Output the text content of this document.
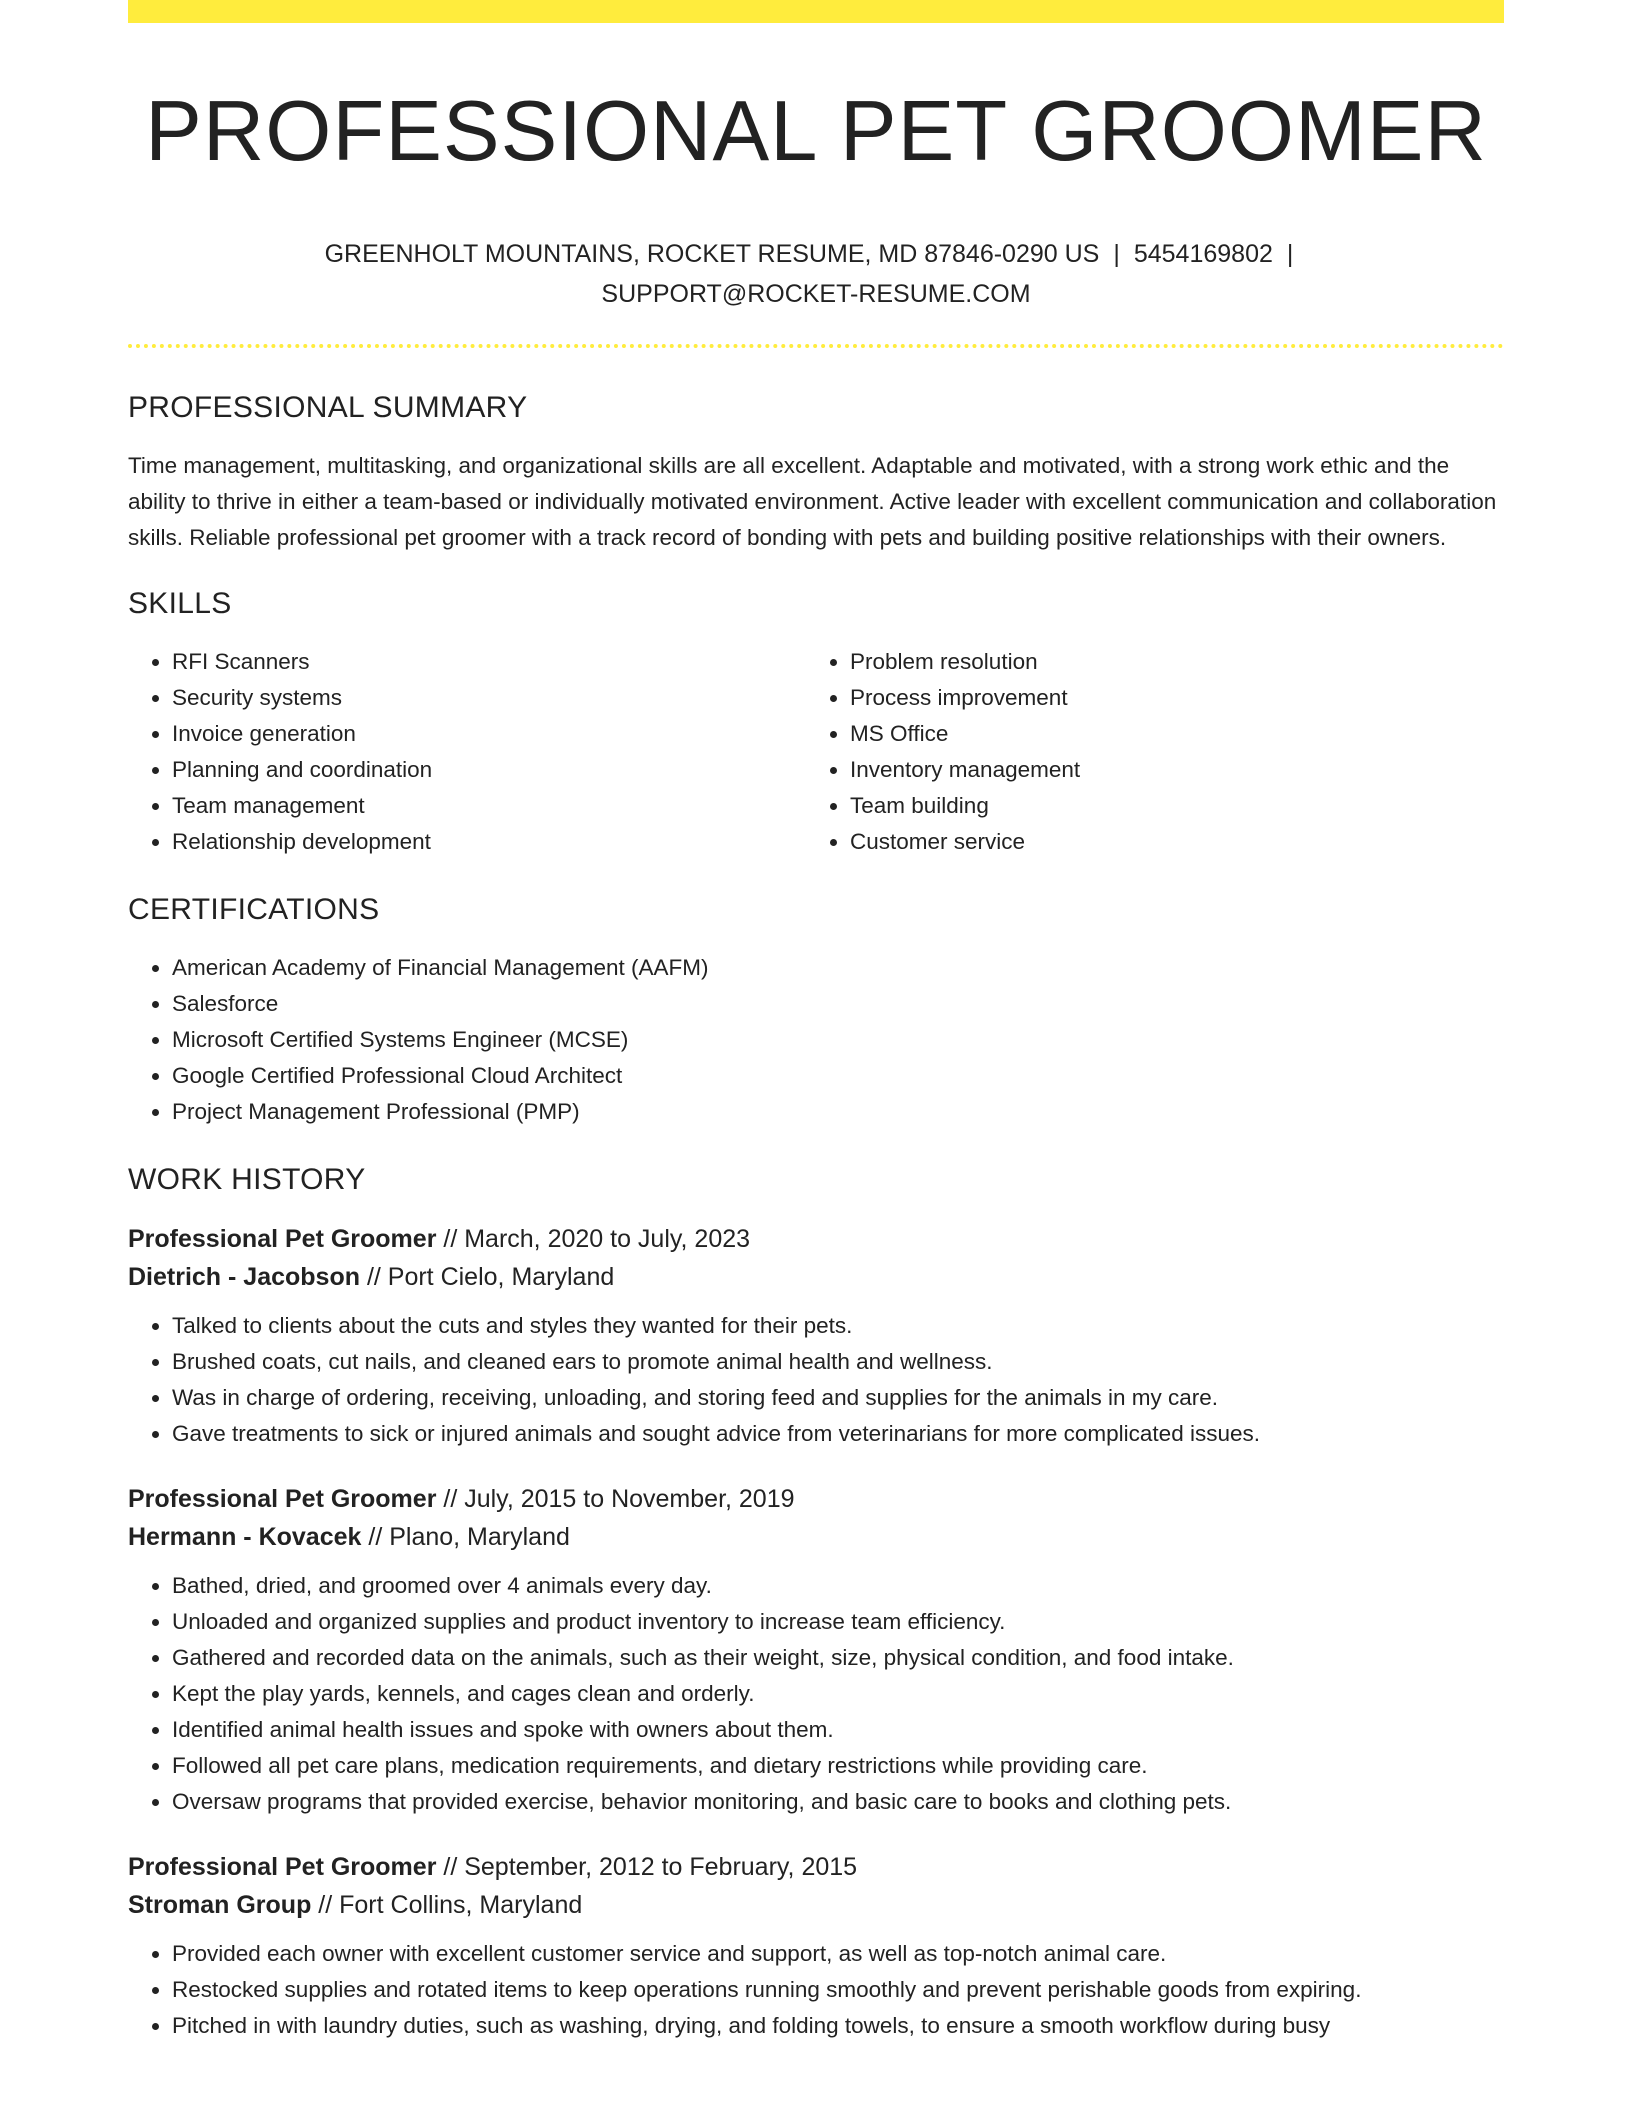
PROFESSIONAL PET GROOMER
GREENHOLT MOUNTAINS, ROCKET RESUME, MD 87846-0290 US | 5454169802 |
SUPPORT@ROCKET-RESUME.COM
PROFESSIONAL SUMMARY

Time management, multitasking, and organizational skills are all excellent. Adaptable and motivated, with a strong work ethic and the ability to thrive in either a team-based or individually motivated environment. Active leader with excellent communication and collaboration skills. Reliable professional pet groomer with a track record of bonding with pets and building positive relationships with their owners.

SKILLS
• RFI Scanners
• Security systems
• Invoice generation
• Planning and coordination
• Team management
• Relationship development
• Problem resolution
• Process improvement
• MS Office
• Inventory management
• Team building
• Customer service
CERTIFICATIONS
• American Academy of Financial Management (AAFM)
• Salesforce
• Microsoft Certified Systems Engineer (MCSE)
• Google Certified Professional Cloud Architect
• Project Management Professional (PMP)
WORK HISTORY
Professional Pet Groomer // March, 2020 to July, 2023
Dietrich - Jacobson // Port Cielo, Maryland
• Talked to clients about the cuts and styles they wanted for their pets.
• Brushed coats, cut nails, and cleaned ears to promote animal health and wellness.
• Was in charge of ordering, receiving, unloading, and storing feed and supplies for the animals in my care.
• Gave treatments to sick or injured animals and sought advice from veterinarians for more complicated issues.
Professional Pet Groomer // July, 2015 to November, 2019
Hermann - Kovacek // Plano, Maryland
• Bathed, dried, and groomed over 4 animals every day.
• Unloaded and organized supplies and product inventory to increase team efficiency.
• Gathered and recorded data on the animals, such as their weight, size, physical condition, and food intake.
• Kept the play yards, kennels, and cages clean and orderly.
• Identified animal health issues and spoke with owners about them.
• Followed all pet care plans, medication requirements, and dietary restrictions while providing care.
• Oversaw programs that provided exercise, behavior monitoring, and basic care to books and clothing pets.
Professional Pet Groomer // September, 2012 to February, 2015
Stroman Group // Fort Collins, Maryland
• Provided each owner with excellent customer service and support, as well as top-notch animal care.
• Restocked supplies and rotated items to keep operations running smoothly and prevent perishable goods from expiring.
• Pitched in with laundry duties, such as washing, drying, and folding towels, to ensure a smooth workflow during busy
